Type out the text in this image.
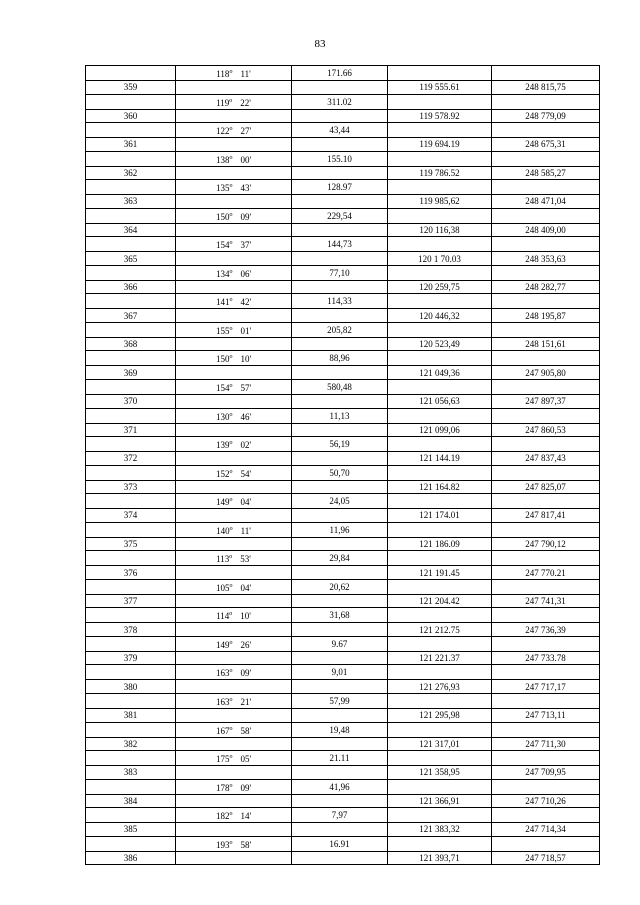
83
	118$^o$ 11'	171.66		
359			119 555.61	248 815,75
	119$^o$ 22'	311.02		
360			119 578.92	248 779,09
	122$^o$ 27'	43,44		
361			119 694.19	248 675,31
	138$^o$ 00'	155.10		
362			119 786.52	248 585,27
	135$^o$ 43'	128.97		
363			119 985,62	248 471,04
	150$^o$ 09'	229,54		
364			120 116,38	248 409,00
	154$^o$ 37'	144,73		
365			120 1 70.03	248 353,63
	134$^o$ 06'	77,10		
366			120 259,75	248 282,77
	141$^o$ 42'	114,33		
367			120 446,32	248 195,87
	155$^o$ 01'	205,82		
368			120 523,49	248 151,61
	150$^o$ 10'	88,96		
369			121 049,36	247 905,80
	154$^o$ 57'	580,48		
370			121 056,63	247 897,37
	130$^o$ 46'	11,13		
371			121 099,06	247 860,53
	139$^o$ 02'	56,19		
372			121 144.19	247 837,43
	152$^o$ 54'	50,70		
373			121 164.82	247 825,07
	149$^o$ 04'	24,05		
374			121 174.01	247 817,41
	140$^o$ 11'	11,96		
375			121 186.09	247 790,12
	113$^o$ 53'	29,84		
376			121 191.45	247 770.21
	105$^o$ 04'	20,62		
377			121 204.42	247 741,31
	114$^o$ 10'	31,68		
378			121 212.75	247 736,39
	149$^o$ 26'	9.67		
379			121 221.37	247 733.78
	163$^o$ 09'	9,01		
380			121 276,93	247 717,17
	163$^o$ 21'	57,99		
381			121 295,98	247 713,11
	167$^o$ 58'	19,48		
382			121 317,01	247 711,30
	175$^o$ 05'	21.11		
383			121 358,95	247 709,95
	178$^o$ 09'	41,96		
384			121 366,91	247 710,26
	182$^o$ 14'	7,97		
385			121 383,32	247 714,34
	193$^o$ 58'	16.91		
386			121 393,71	247 718,57
